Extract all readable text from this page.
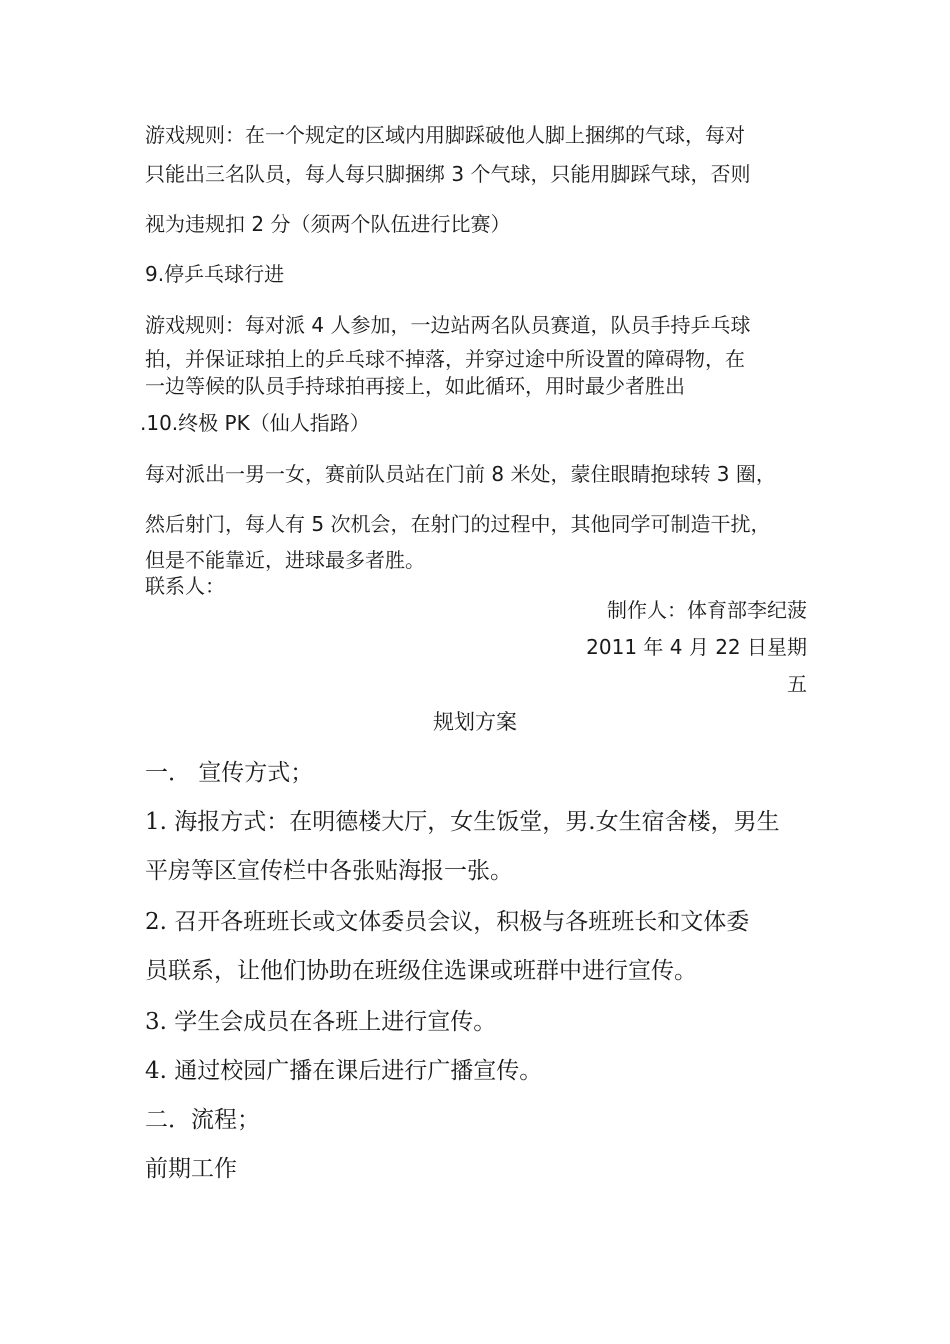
游戏规则：在一个规定的区域内用脚踩破他人脚上捆绑的气球，每对
只能出三名队员，每人每只脚捆绑 3 个气球，只能用脚踩气球，否则
视为违规扣 2 分（须两个队伍进行比赛）
9.停乒乓球行进
游戏规则：每对派 4 人参加，一边站两名队员赛道，队员手持乒乓球
拍，并保证球拍上的乒乓球不掉落，并穿过途中所设置的障碍物，在
一边等候的队员手持球拍再接上，如此循环，用时最少者胜出
.10.终极 PK（仙人指路）
每对派出一男一女，赛前队员站在门前 8 米处，蒙住眼睛抱球转 3 圈，
然后射门，每人有 5 次机会，在射门的过程中，其他同学可制造干扰，
但是不能靠近，进球最多者胜。
联系人：
制作人：体育部李纪菠
2011 年 4 月 22 日星期
五
规划方案
一． 宣传方式；
1. 海报方式：在明德楼大厅，女生饭堂，男.女生宿舍楼，男生
平房等区宣传栏中各张贴海报一张。
2. 召开各班班长或文体委员会议，积极与各班班长和文体委
员联系，让他们协助在班级住选课或班群中进行宣传。
3. 学生会成员在各班上进行宣传。
4. 通过校园广播在课后进行广播宣传。
二．流程；
前期工作
